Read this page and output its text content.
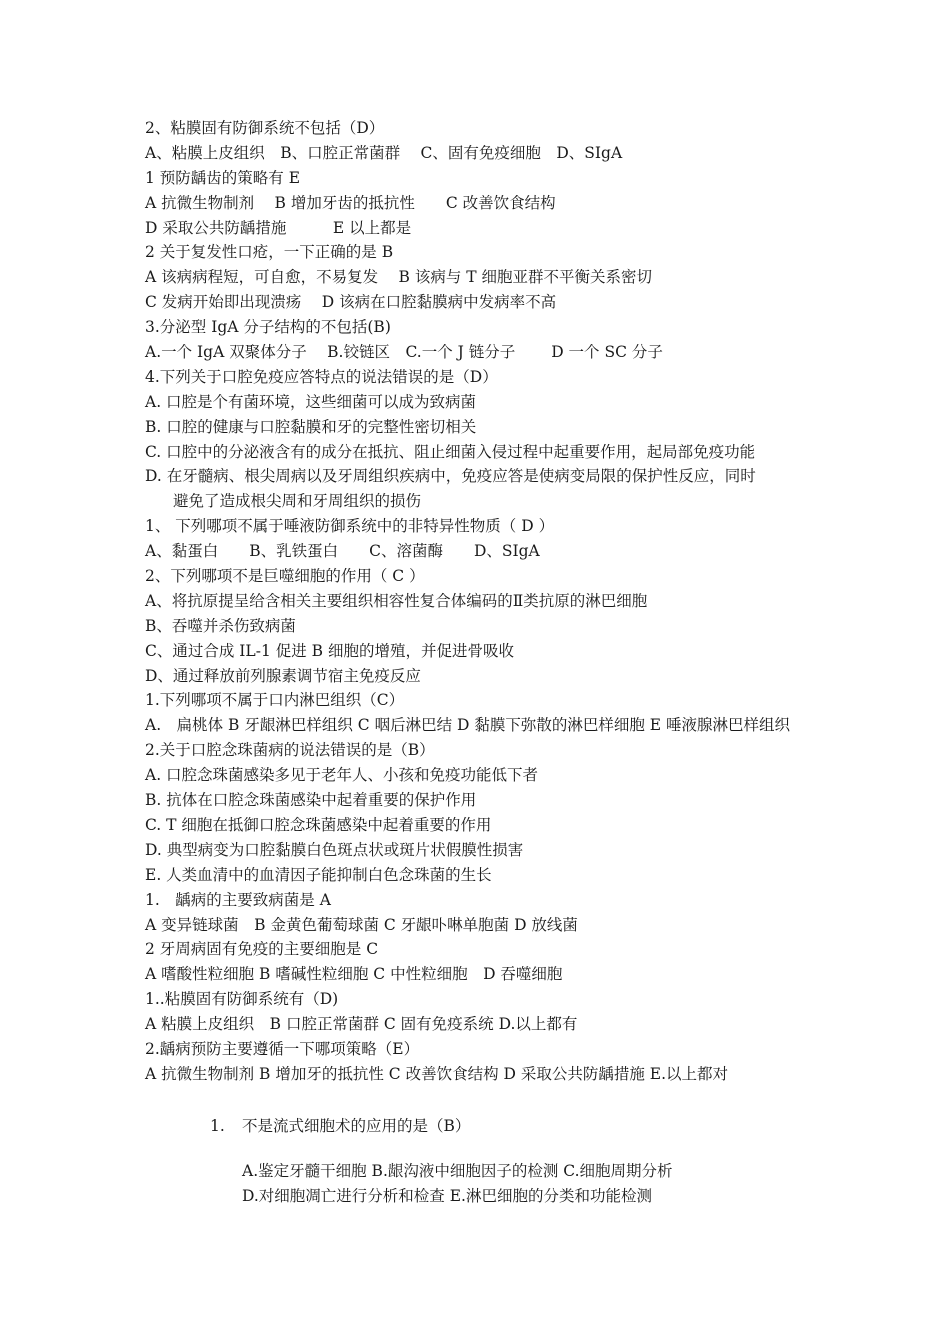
2、粘膜固有防御系统不包括（D）
A、粘膜上皮组织　B、口腔正常菌群　 C、固有免疫细胞　D、SIgA
1 预防龋齿的策略有 E
A 抗微生物制剂　 B 增加牙齿的抵抗性　　C 改善饮食结构
D 采取公共防龋措施　　　E 以上都是
2 关于复发性口疮，一下正确的是 B
A 该病病程短，可自愈，不易复发　 B 该病与 T 细胞亚群不平衡关系密切
C 发病开始即出现溃疡　 D 该病在口腔黏膜病中发病率不高
3.分泌型 IgA 分子结构的不包括(B)
A.一个 IgA 双聚体分子　 B.铰链区　C.一个 J 链分子　　 D 一个 SC 分子
4.下列关于口腔免疫应答特点的说法错误的是（D）
A. 口腔是个有菌环境，这些细菌可以成为致病菌
B. 口腔的健康与口腔黏膜和牙的完整性密切相关
C. 口腔中的分泌液含有的成分在抵抗、阻止细菌入侵过程中起重要作用，起局部免疫功能
D. 在牙髓病、根尖周病以及牙周组织疾病中，免疫应答是使病变局限的保护性反应，同时
避免了造成根尖周和牙周组织的损伤
1、 下列哪项不属于唾液防御系统中的非特异性物质（ D ）
A、黏蛋白　　B、乳铁蛋白　　C、溶菌酶　　D、SIgA
2、下列哪项不是巨噬细胞的作用（ C ）
A、将抗原提呈给含相关主要组织相容性复合体编码的Ⅱ类抗原的淋巴细胞
B、吞噬并杀伤致病菌
C、通过合成 IL-1 促进 B 细胞的增殖，并促进骨吸收
D、通过释放前列腺素调节宿主免疫反应
1.下列哪项不属于口内淋巴组织（C）
A.　扁桃体 B 牙龈淋巴样组织 C 咽后淋巴结 D 黏膜下弥散的淋巴样细胞 E 唾液腺淋巴样组织
2.关于口腔念珠菌病的说法错误的是（B）
A. 口腔念珠菌感染多见于老年人、小孩和免疫功能低下者
B. 抗体在口腔念珠菌感染中起着重要的保护作用
C. T 细胞在抵御口腔念珠菌感染中起着重要的作用
D. 典型病变为口腔黏膜白色斑点状或斑片状假膜性损害
E. 人类血清中的血清因子能抑制白色念珠菌的生长
1.　龋病的主要致病菌是 A
A 变异链球菌　B 金黄色葡萄球菌 C 牙龈卟啉单胞菌 D 放线菌
2 牙周病固有免疫的主要细胞是 C
A 嗜酸性粒细胞 B 嗜碱性粒细胞 C 中性粒细胞　D 吞噬细胞
1..粘膜固有防御系统有（D)
A 粘膜上皮组织　B 口腔正常菌群 C 固有免疫系统 D.以上都有
2.龋病预防主要遵循一下哪项策略（E）
A 抗微生物制剂 B 增加牙的抵抗性 C 改善饮食结构 D 采取公共防龋措施 E.以上都对
1. 不是流式细胞术的应用的是（B）
A.鉴定牙髓干细胞 B.龈沟液中细胞因子的检测 C.细胞周期分析
D.对细胞凋亡进行分析和检查 E.淋巴细胞的分类和功能检测
